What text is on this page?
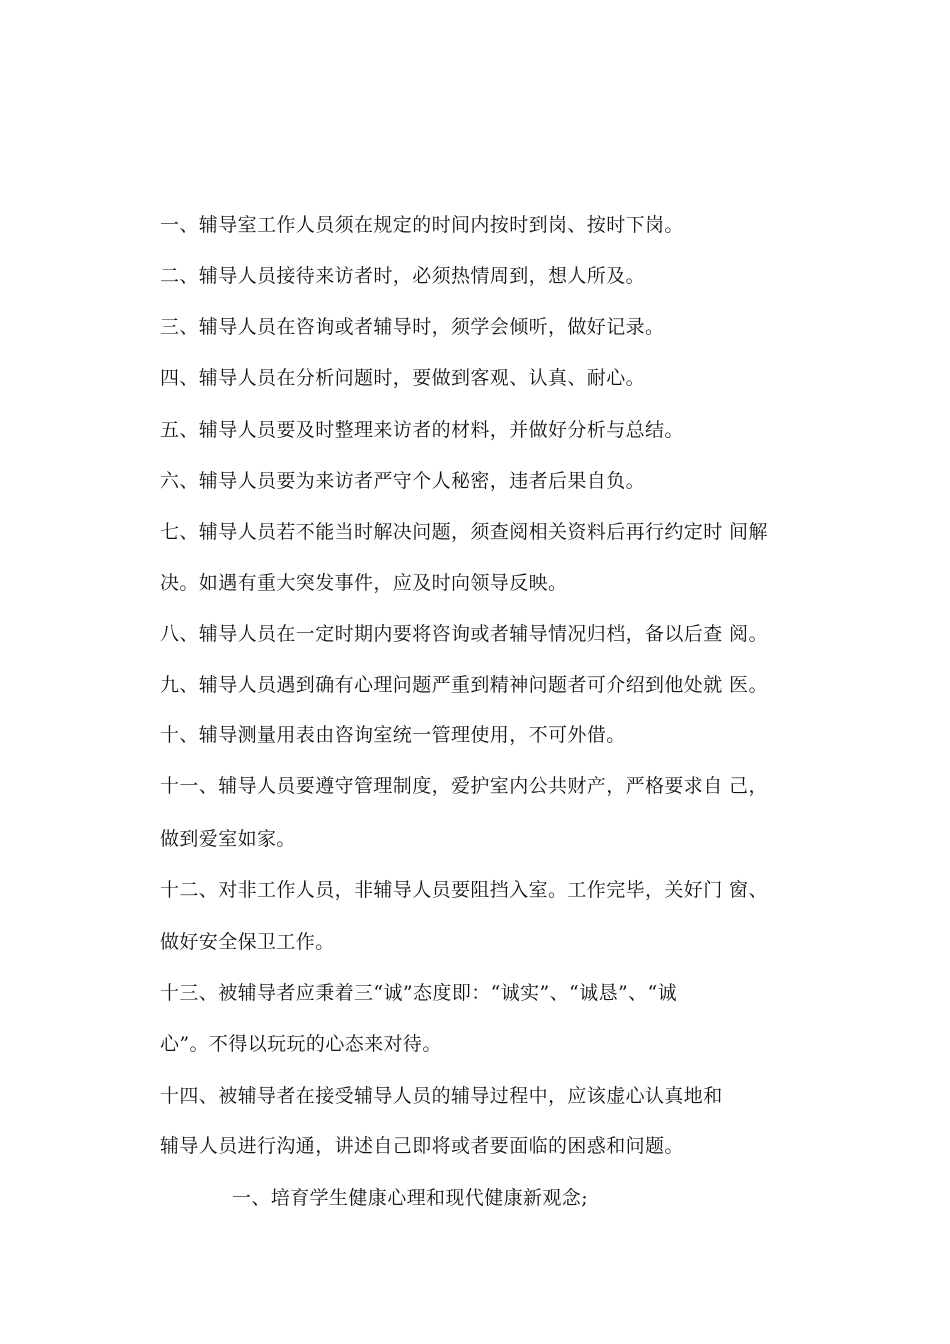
一、辅导室工作人员须在规定的时间内按时到岗、按时下岗。

二、辅导人员接待来访者时，必须热情周到，想人所及。

三、辅导人员在咨询或者辅导时，须学会倾听，做好记录。

四、辅导人员在分析问题时，要做到客观、认真、耐心。

五、辅导人员要及时整理来访者的材料，并做好分析与总结。

六、辅导人员要为来访者严守个人秘密，违者后果自负。

七、辅导人员若不能当时解决问题，须查阅相关资料后再行约定时 间解

决。如遇有重大突发事件，应及时向领导反映。

八、辅导人员在一定时期内要将咨询或者辅导情况归档，备以后查 阅。

九、辅导人员遇到确有心理问题严重到精神问题者可介绍到他处就 医。

十、辅导测量用表由咨询室统一管理使用，不可外借。

十一、辅导人员要遵守管理制度，爱护室内公共财产，严格要求自 己，

做到爱室如家。

十二、对非工作人员，非辅导人员要阻挡入室。工作完毕，关好门 窗、

做好安全保卫工作。

十三、被辅导者应秉着三“诚”态度即：“诚实”、“诚恳”、“诚

心”。不得以玩玩的心态来对待。

十四、被辅导者在接受辅导人员的辅导过程中，应该虚心认真地和

辅导人员进行沟通，讲述自己即将或者要面临的困惑和问题。

一、培育学生健康心理和现代健康新观念;
